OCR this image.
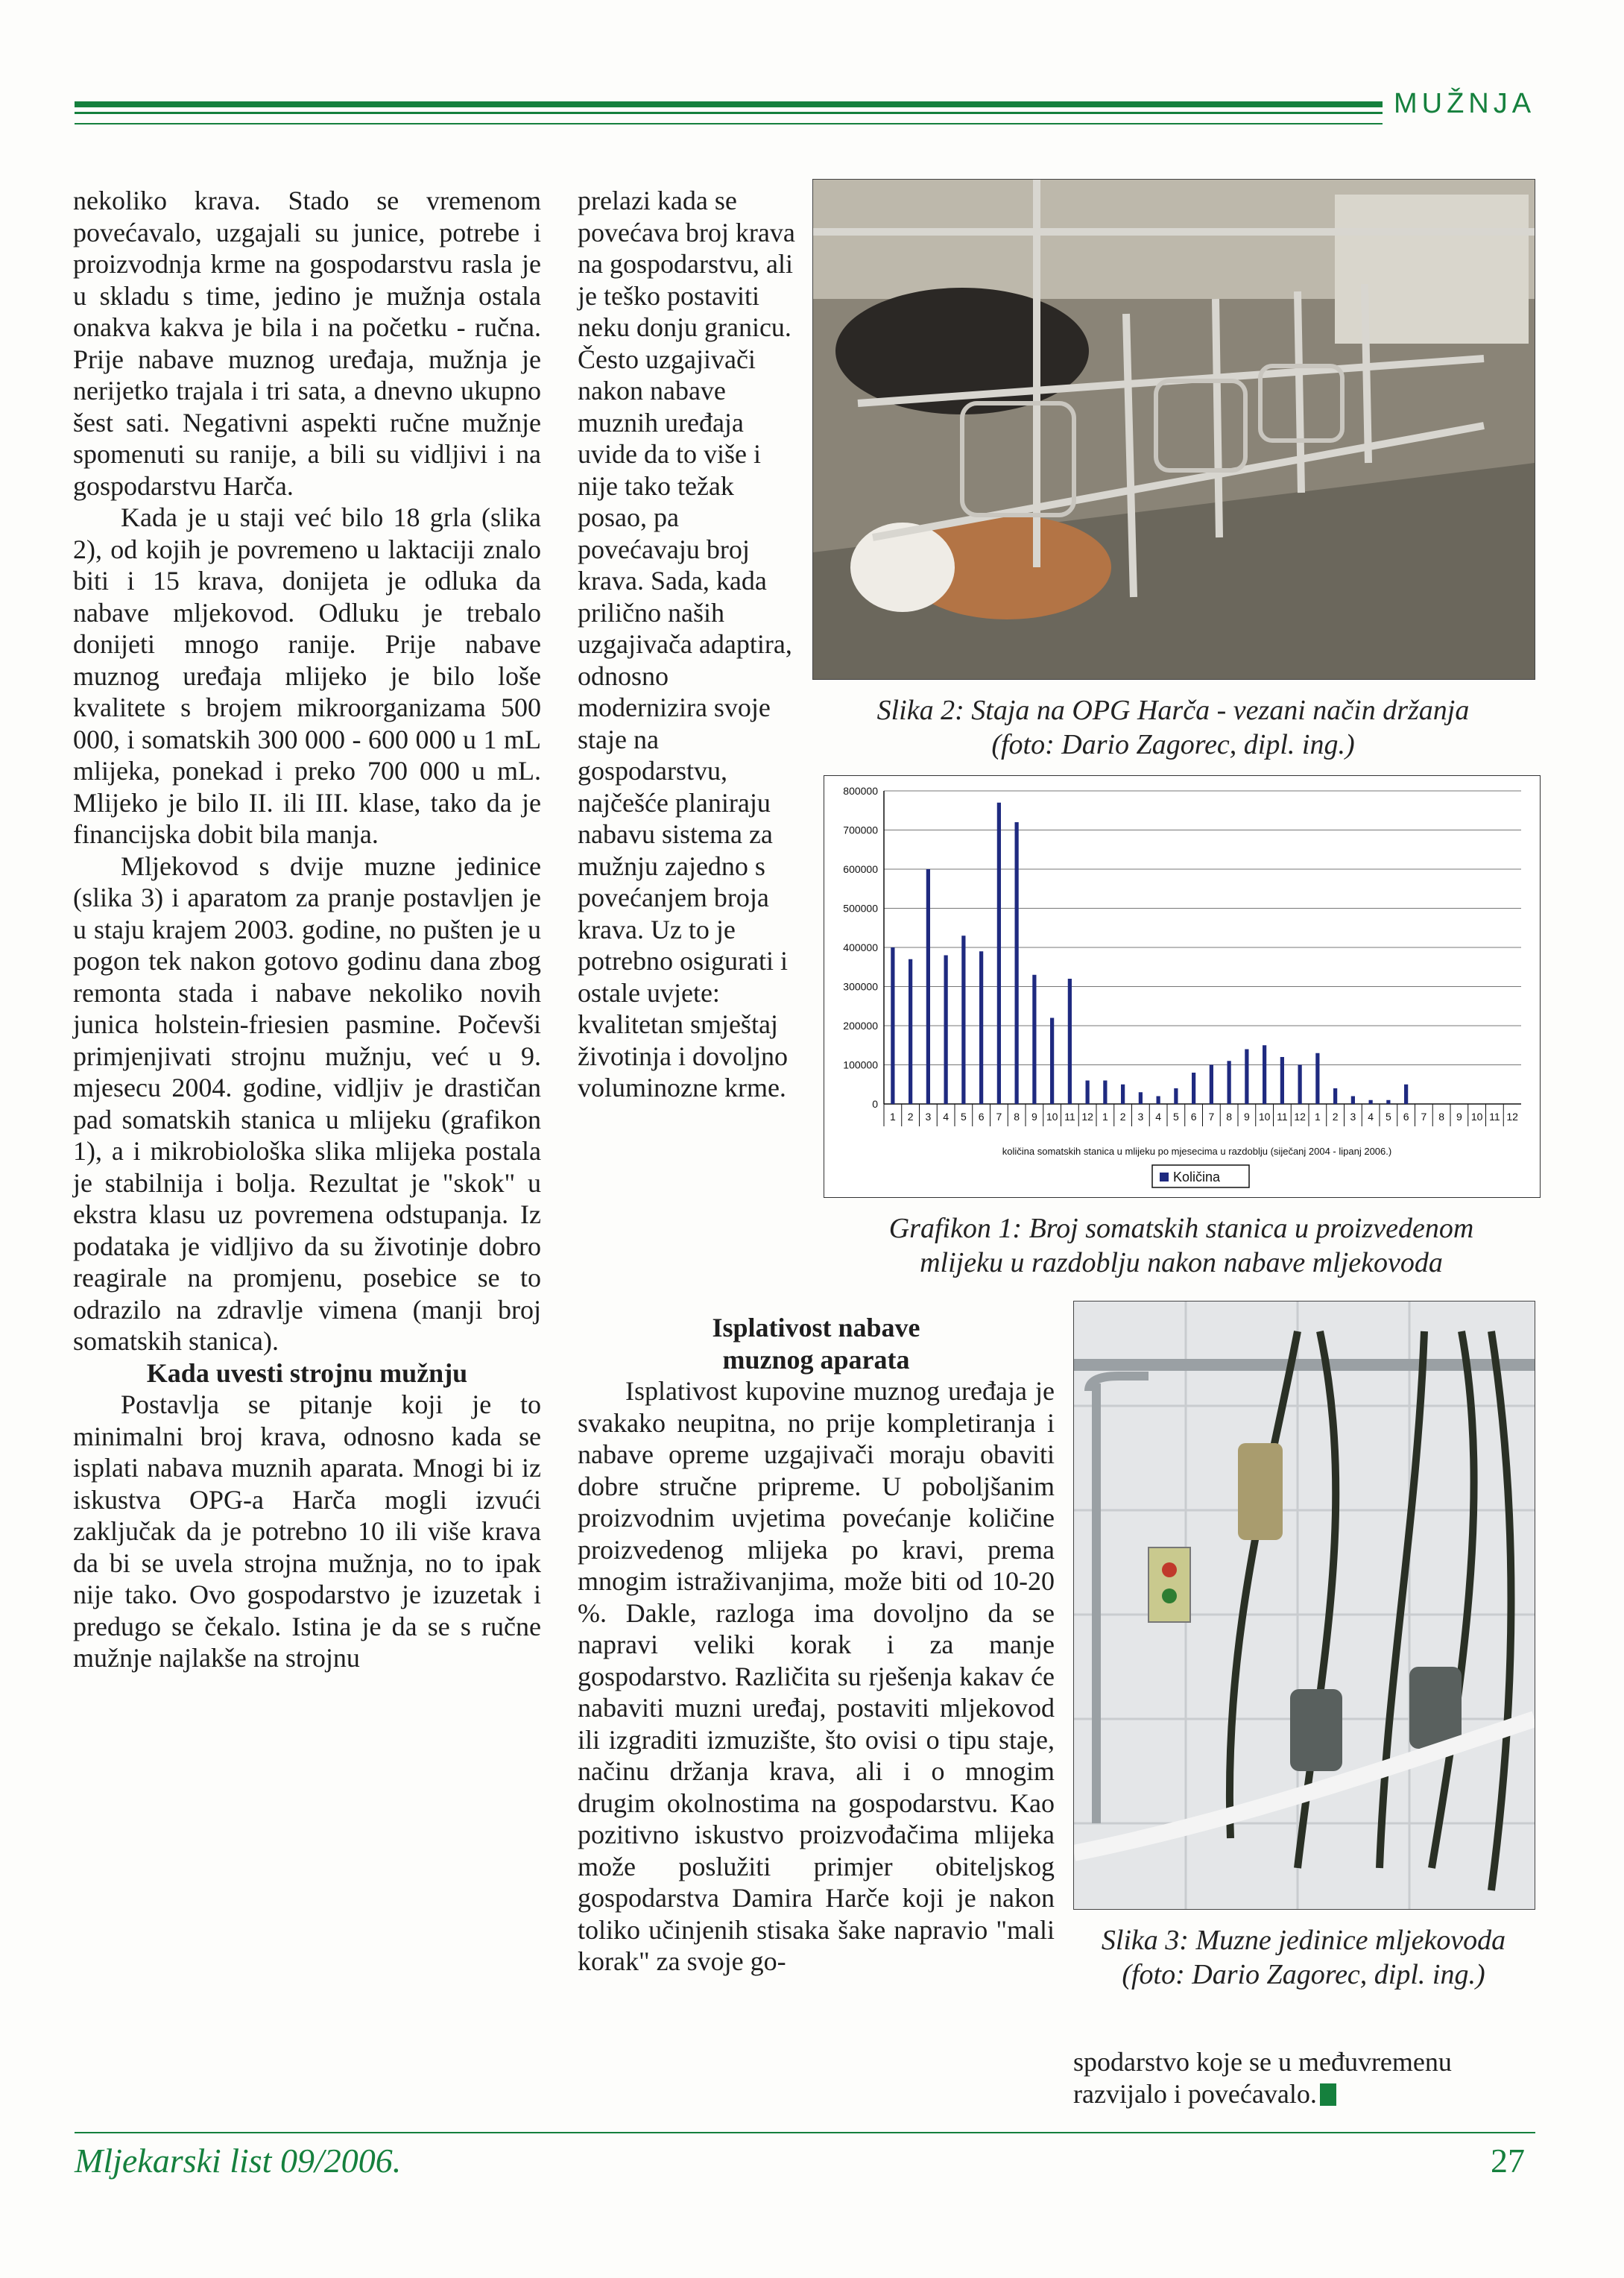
MUŽNJA

nekoliko krava. Stado se vremenom povećavalo, uzgajali su junice, potrebe i proizvodnja krme na gospodarstvu rasla je u skladu s time, jedino je mužnja ostala onakva kakva je bila i na početku - ručna. Prije nabave muznog uređaja, mužnja je nerijetko trajala i tri sata, a dnevno ukupno šest sati. Negativni aspekti ručne mužnje spomenuti su ranije, a bili su vidljivi i na gospodarstvu Harča.

Kada je u staji već bilo 18 grla (slika 2), od kojih je povremeno u laktaciji znalo biti i 15 krava, donijeta je odluka da nabave mljekovod. Odluku je trebalo donijeti mnogo ranije. Prije nabave muznog uređaja mlijeko je bilo loše kvalitete s brojem mikroorganizama 500 000, i somatskih 300 000 - 600 000 u 1 mL mlijeka, ponekad i preko 700 000 u mL. Mlijeko je bilo II. ili III. klase, tako da je financijska dobit bila manja.

Mljekovod s dvije muzne jedinice (slika 3) i aparatom za pranje postavljen je u staju krajem 2003. godine, no pušten je u pogon tek nakon gotovo godinu dana zbog remonta stada i nabave nekoliko novih junica holstein-friesien pasmine. Počevši primjenjivati strojnu mužnju, već u 9. mjesecu 2004. godine, vidljiv je drastičan pad somatskih stanica u mlijeku (grafikon 1), a i mikrobiološka slika mlijeka postala je stabilnija i bolja. Rezultat je "skok" u ekstra klasu uz povremena odstupanja. Iz podataka je vidljivo da su životinje dobro reagirale na promjenu, posebice se to odrazilo na zdravlje vimena (manji broj somatskih stanica).

Kada uvesti strojnu mužnju

Postavlja se pitanje koji je to minimalni broj krava, odnosno kada se isplati nabava muznih aparata. Mnogi bi iz iskustva OPG-a Harča mogli izvući zaključak da je potrebno 10 ili više krava da bi se uvela strojna mužnja, no to ipak nije tako. Ovo gospodarstvo je izuzetak i predugo se čekalo. Istina je da se s ručne mužnje najlakše na strojnu

prelazi kada se povećava broj krava na gospodarstvu, ali je teško postaviti neku donju granicu. Često uzgajivači nakon nabave muznih uređaja uvide da to više i nije tako težak posao, pa povećavaju broj krava. Sada, kada prilično naših uzgajivača adaptira, odnosno modernizira svoje staje na gospodarstvu, najčešće planiraju nabavu sistema za mužnju zajedno s povećanjem broja krava. Uz to je potrebno osigurati i ostale uvjete: kvalitetan smještaj životinja i dovoljno voluminozne krme.

Isplativost nabave muznog aparata

Isplativost kupovine muznog uređaja je svakako neupitna, no prije kompletiranja i nabave opreme uzgajivači moraju obaviti dobre stručne pripreme. U poboljšanim proizvodnim uvjetima povećanje količine proizvedenog mlijeka po kravi, prema mnogim istraživanjima, može biti od 10-20 %. Dakle, razloga ima dovoljno da se napravi veliki korak i za manje gospodarstvo. Različita su rješenja kakav će nabaviti muzni uređaj, postaviti mljekovod ili izgraditi izmuzište, što ovisi o tipu staje, načinu držanja krava, ali i o mnogim drugim okolnostima na gospodarstvu. Kao pozitivno iskustvo proizvođačima mlijeka može poslužiti primjer obiteljskog gospodarstva Damira Harče koji je nakon toliko učinjenih stisaka šake napravio "mali korak" za svoje go-

Slika 2: Staja na OPG Harča - vezani način držanja
(foto: Dario Zagorec, dipl. ing.)
0
100000
200000
300000
400000
500000
600000
700000
800000
1 2 3 4 5 6 7 8 9 10 11 12 1 2 3 4 5 6 7 8 9 10 11 12 1 2 3 4 5 6 7 8 9 10 11 12
količina somatskih stanica u mlijeku po mjesecima u razdoblju (siječanj 2004 - lipanj 2006.)
Količina
Grafikon 1: Broj somatskih stanica u proizvedenom
mlijeku u razdoblju nakon nabave mljekovoda
Slika 3: Muzne jedinice mljekovoda
(foto: Dario Zagorec, dipl. ing.)
spodarstvo koje se u međuvremenu razvijalo i povećavalo.
Mljekarski list 09/2006.	27
